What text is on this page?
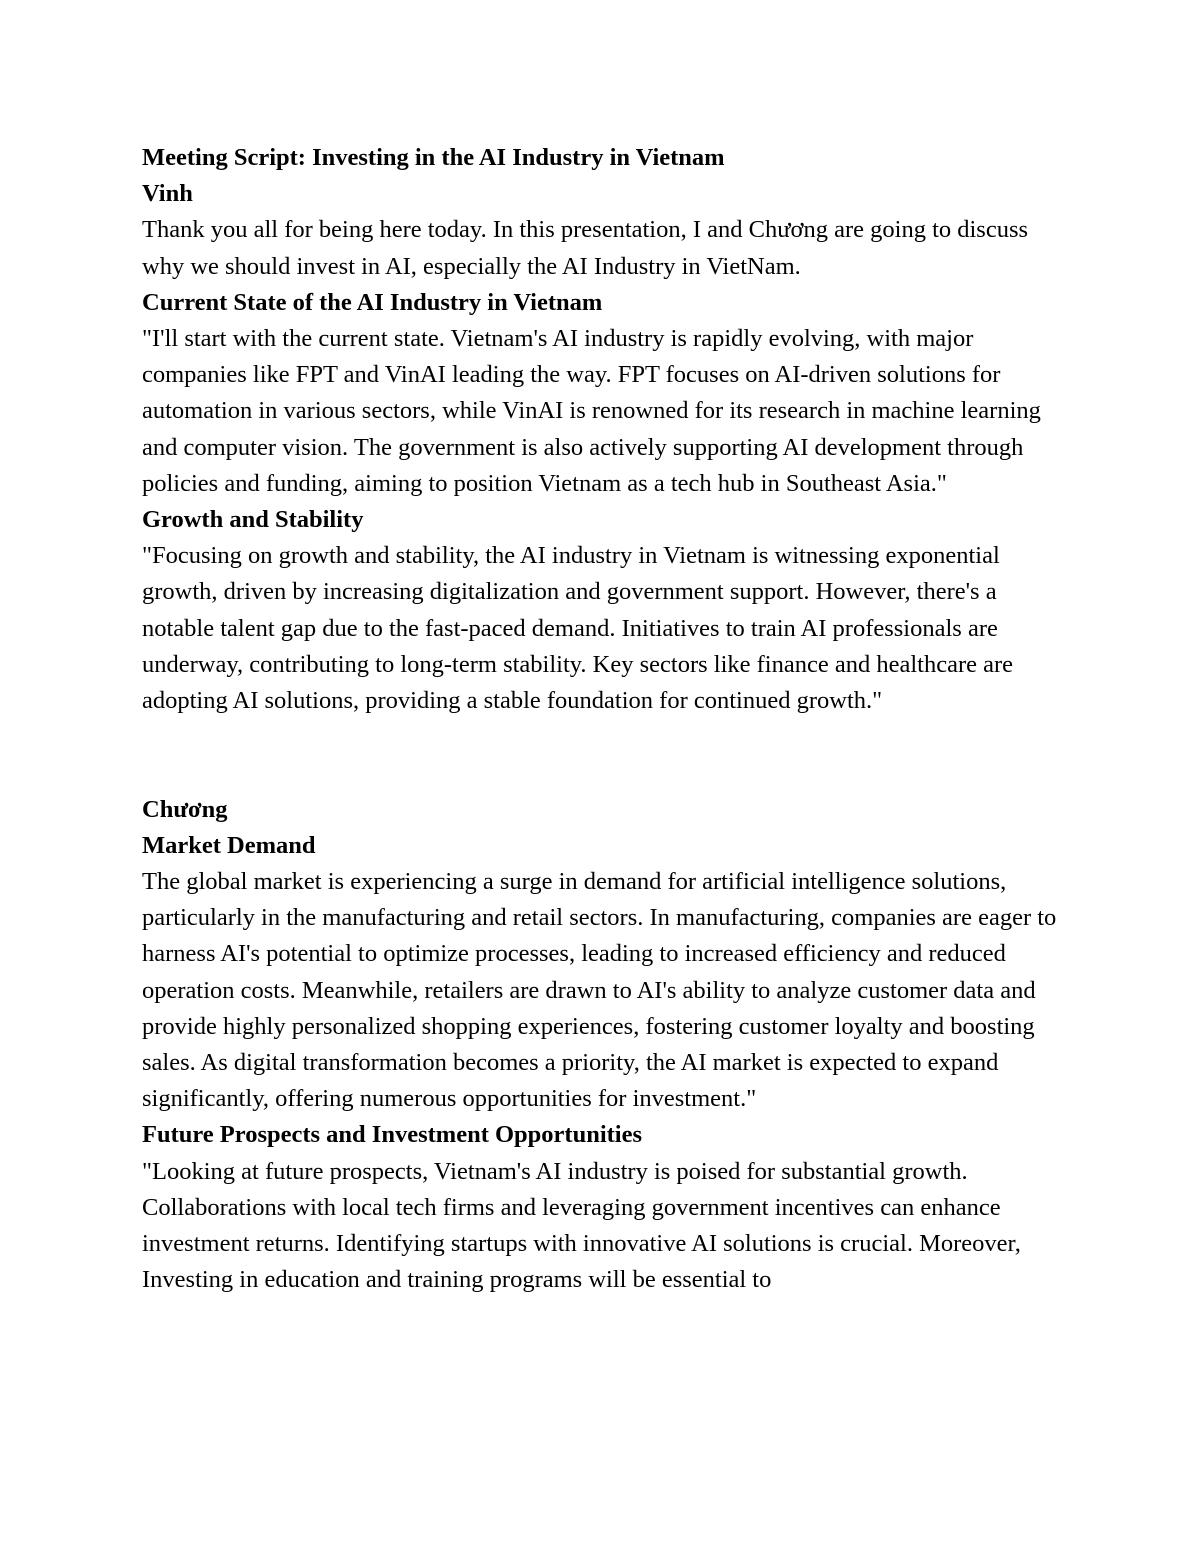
Meeting Script: Investing in the AI Industry in Vietnam
Vinh

Thank you all for being here today. In this presentation, I and Chương are going to discuss why we should invest in AI, especially the AI Industry in VietNam.

Current State of the AI Industry in Vietnam

"I'll start with the current state. Vietnam's AI industry is rapidly evolving, with major companies like FPT and VinAI leading the way. FPT focuses on AI-driven solutions for automation in various sectors, while VinAI is renowned for its research in machine learning and computer vision. The government is also actively supporting AI development through policies and funding, aiming to position Vietnam as a tech hub in Southeast Asia."

Growth and Stability

"Focusing on growth and stability, the AI industry in Vietnam is witnessing exponential growth, driven by increasing digitalization and government support. However, there's a notable talent gap due to the fast-paced demand. Initiatives to train AI professionals are underway, contributing to long-term stability. Key sectors like finance and healthcare are adopting AI solutions, providing a stable foundation for continued growth."

Chương
Market Demand

The global market is experiencing a surge in demand for artificial intelligence solutions, particularly in the manufacturing and retail sectors. In manufacturing, companies are eager to harness AI's potential to optimize processes, leading to increased efficiency and reduced operation costs. Meanwhile, retailers are drawn to AI's ability to analyze customer data and provide highly personalized shopping experiences, fostering customer loyalty and boosting sales. As digital transformation becomes a priority, the AI market is expected to expand significantly, offering numerous opportunities for investment."

Future Prospects and Investment Opportunities

"Looking at future prospects, Vietnam's AI industry is poised for substantial growth. Collaborations with local tech firms and leveraging government incentives can enhance investment returns. Identifying startups with innovative AI solutions is crucial. Moreover, Investing in education and training programs will be essential to
